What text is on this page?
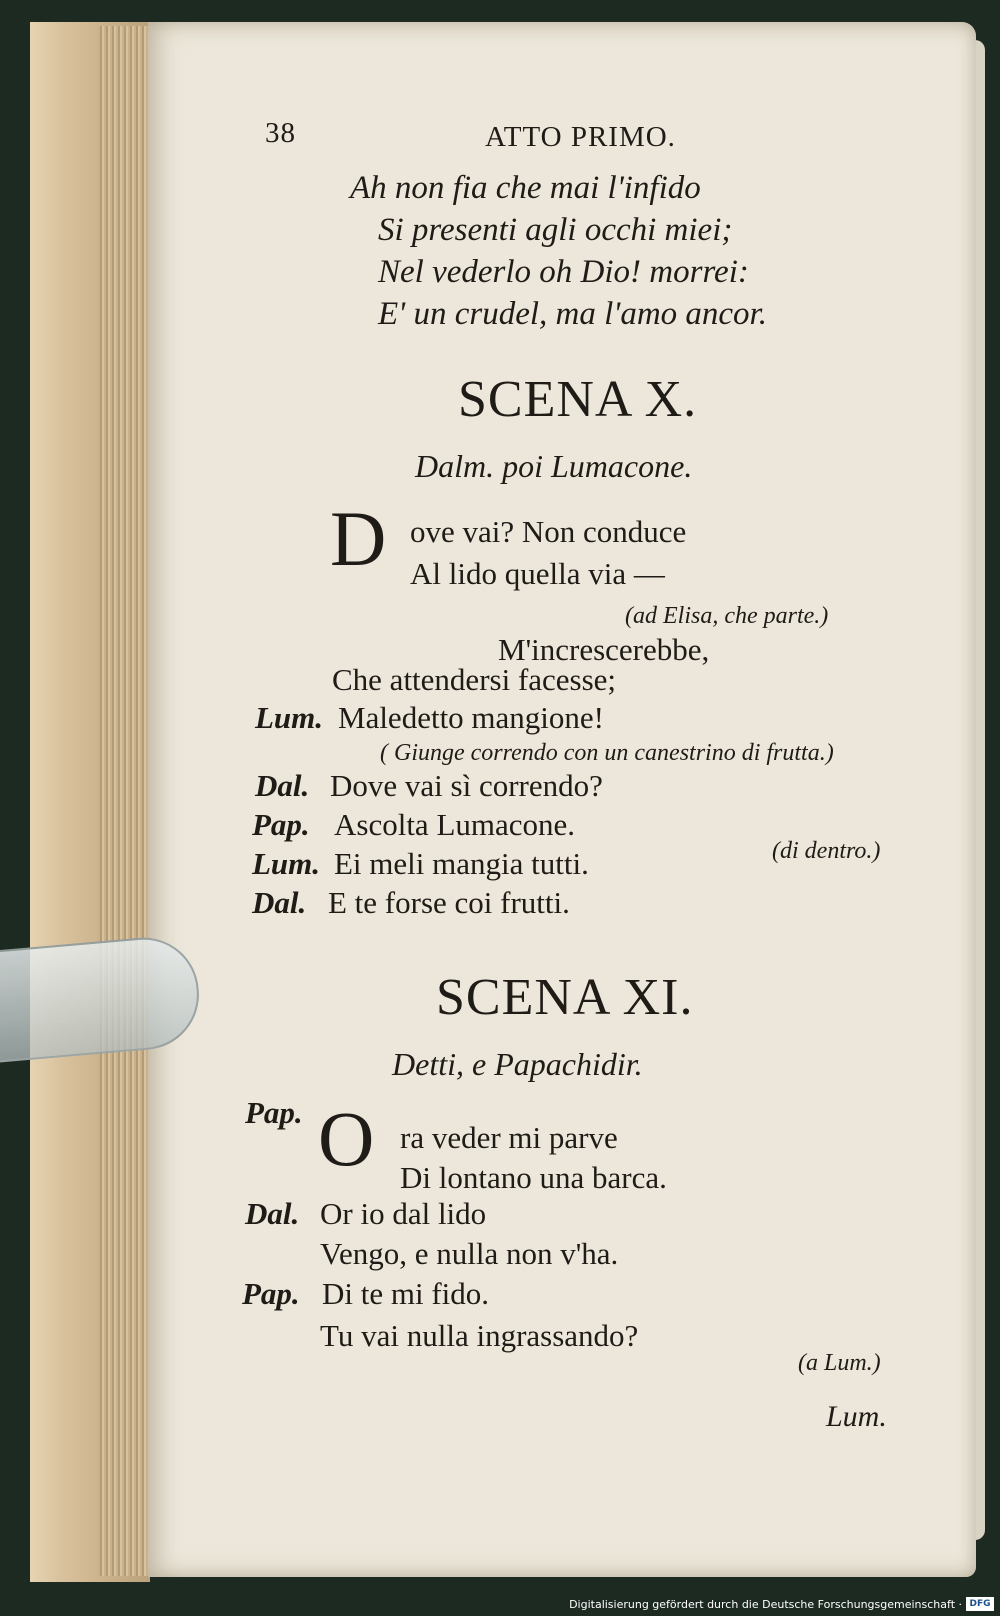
38	ATTO PRIMO.
Ah non fia che mai l'infido
Si presenti agli occhi miei;
Nel vederlo oh Dio! morrei:
E' un crudel, ma l'amo ancor.
SCENA X.
Dalm. poi Lumacone.
D ove vai? Non conduce
Al lido quella via —
(ad Elisa, che parte.)
M'increscerebbe,
Che attendersi facesse;
Lum. Maledetto mangione!
( Giunge correndo con un canestrino di frutta.)
Dal. Dove vai sì correndo?
Pap. Ascolta Lumacone.
(di dentro.)
Lum. Ei meli mangia tutti.
Dal. E te forse coi frutti.
SCENA XI.
Detti, e Papachidir.
Pap. O ra veder mi parve
Di lontano una barca.
Dal. Or io dal lido
Vengo, e nulla non v'ha.
Pap. Di te mi fido.
Tu vai nulla ingrassando?
(a Lum.)
Lum.
Digitalisierung gefördert durch die Deutsche Forschungsgemeinschaft · DFG
